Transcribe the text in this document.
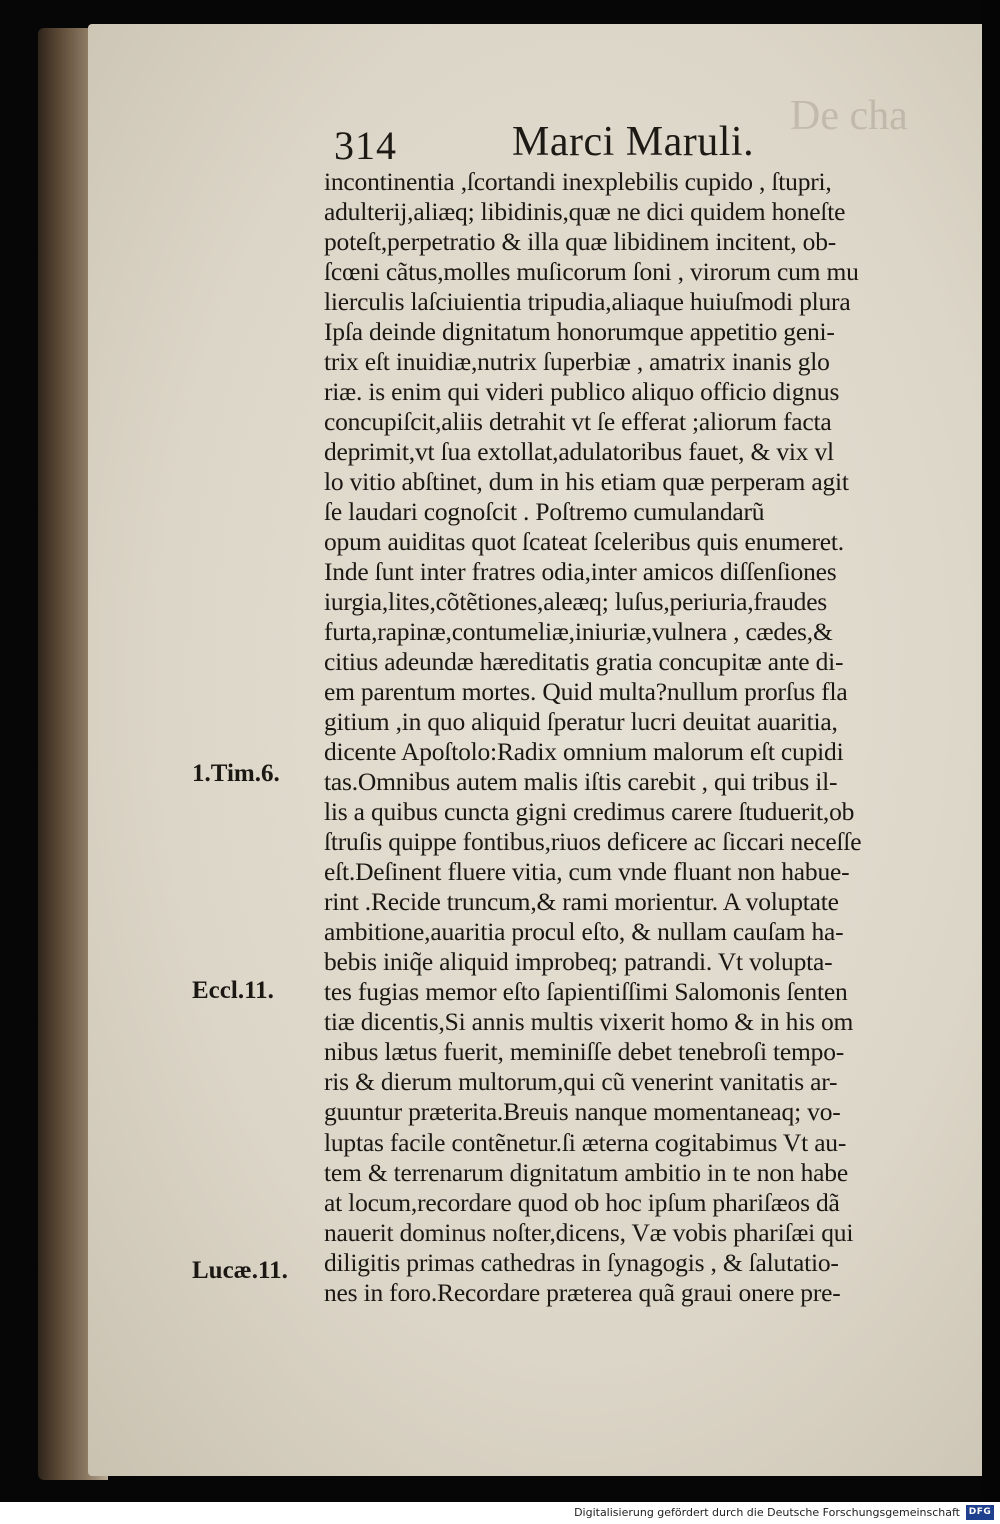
De cha
314	Marci Maruli.
incontinentia ,ſcortandi inexplebilis cupido , ſtupri,
adulterij,aliæq; libidinis,quæ ne dici quidem honeſte
poteſt,perpetratio & illa quæ libidinem incitent, ob-
ſcœni cãtus,molles muſicorum ſoni , virorum cum mu
lierculis laſciuientia tripudia,aliaque huiuſmodi plura
Ipſa deinde dignitatum honorumque appetitio geni-
trix eſt inuidiæ,nutrix ſuperbiæ , amatrix inanis glo
riæ. is enim qui videri publico aliquo officio dignus
concupiſcit,aliis detrahit vt ſe efferat ;aliorum facta
deprimit,vt ſua extollat,adulatoribus fauet, & vix vl
lo vitio abſtinet, dum in his etiam quæ perperam agit
ſe laudari cognoſcit . Poſtremo cumulandarũ
opum auiditas quot ſcateat ſceleribus quis enumeret.
Inde ſunt inter fratres odia,inter amicos diſſenſiones
iurgia,lites,cõtẽtiones,aleæq; luſus,periuria,fraudes
furta,rapinæ,contumeliæ,iniuriæ,vulnera , cædes,&
citius adeundæ hæreditatis gratia concupitæ ante di-
em parentum mortes. Quid multa?nullum prorſus fla
gitium ,in quo aliquid ſperatur lucri deuitat auaritia,
dicente Apoſtolo:Radix omnium malorum eſt cupidi
tas.Omnibus autem malis iſtis carebit , qui tribus il-
lis a quibus cuncta gigni credimus carere ſtuduerit,ob
ſtruſis quippe fontibus,riuos deficere ac ſiccari neceſſe
eſt.Deſinent fluere vitia, cum vnde fluant non habue-
rint .Recide truncum,& rami morientur. A voluptate
ambitione,auaritia procul eſto, & nullam cauſam ha-
bebis iniq̃e aliquid improbeq; patrandi. Vt volupta-
tes fugias memor eſto ſapientiſſimi Salomonis ſenten
tiæ dicentis,Si annis multis vixerit homo & in his om
nibus lætus fuerit, meminiſſe debet tenebroſi tempo-
ris & dierum multorum,qui cũ venerint vanitatis ar-
guuntur præterita.Breuis nanque momentaneaq; vo-
luptas facile contẽnetur.ſi æterna cogitabimus Vt au-
tem & terrenarum dignitatum ambitio in te non habe
at locum,recordare quod ob hoc ipſum phariſæos dã
nauerit dominus noſter,dicens, Væ vobis phariſæi qui
diligitis primas cathedras in ſynagogis , & ſalutatio-
nes in foro.Recordare præterea quã graui onere pre-
1.Tim.6.
Eccl.11.
Lucæ.11.
Digitalisierung gefördert durch die Deutsche Forschungsgemeinschaft DFG
